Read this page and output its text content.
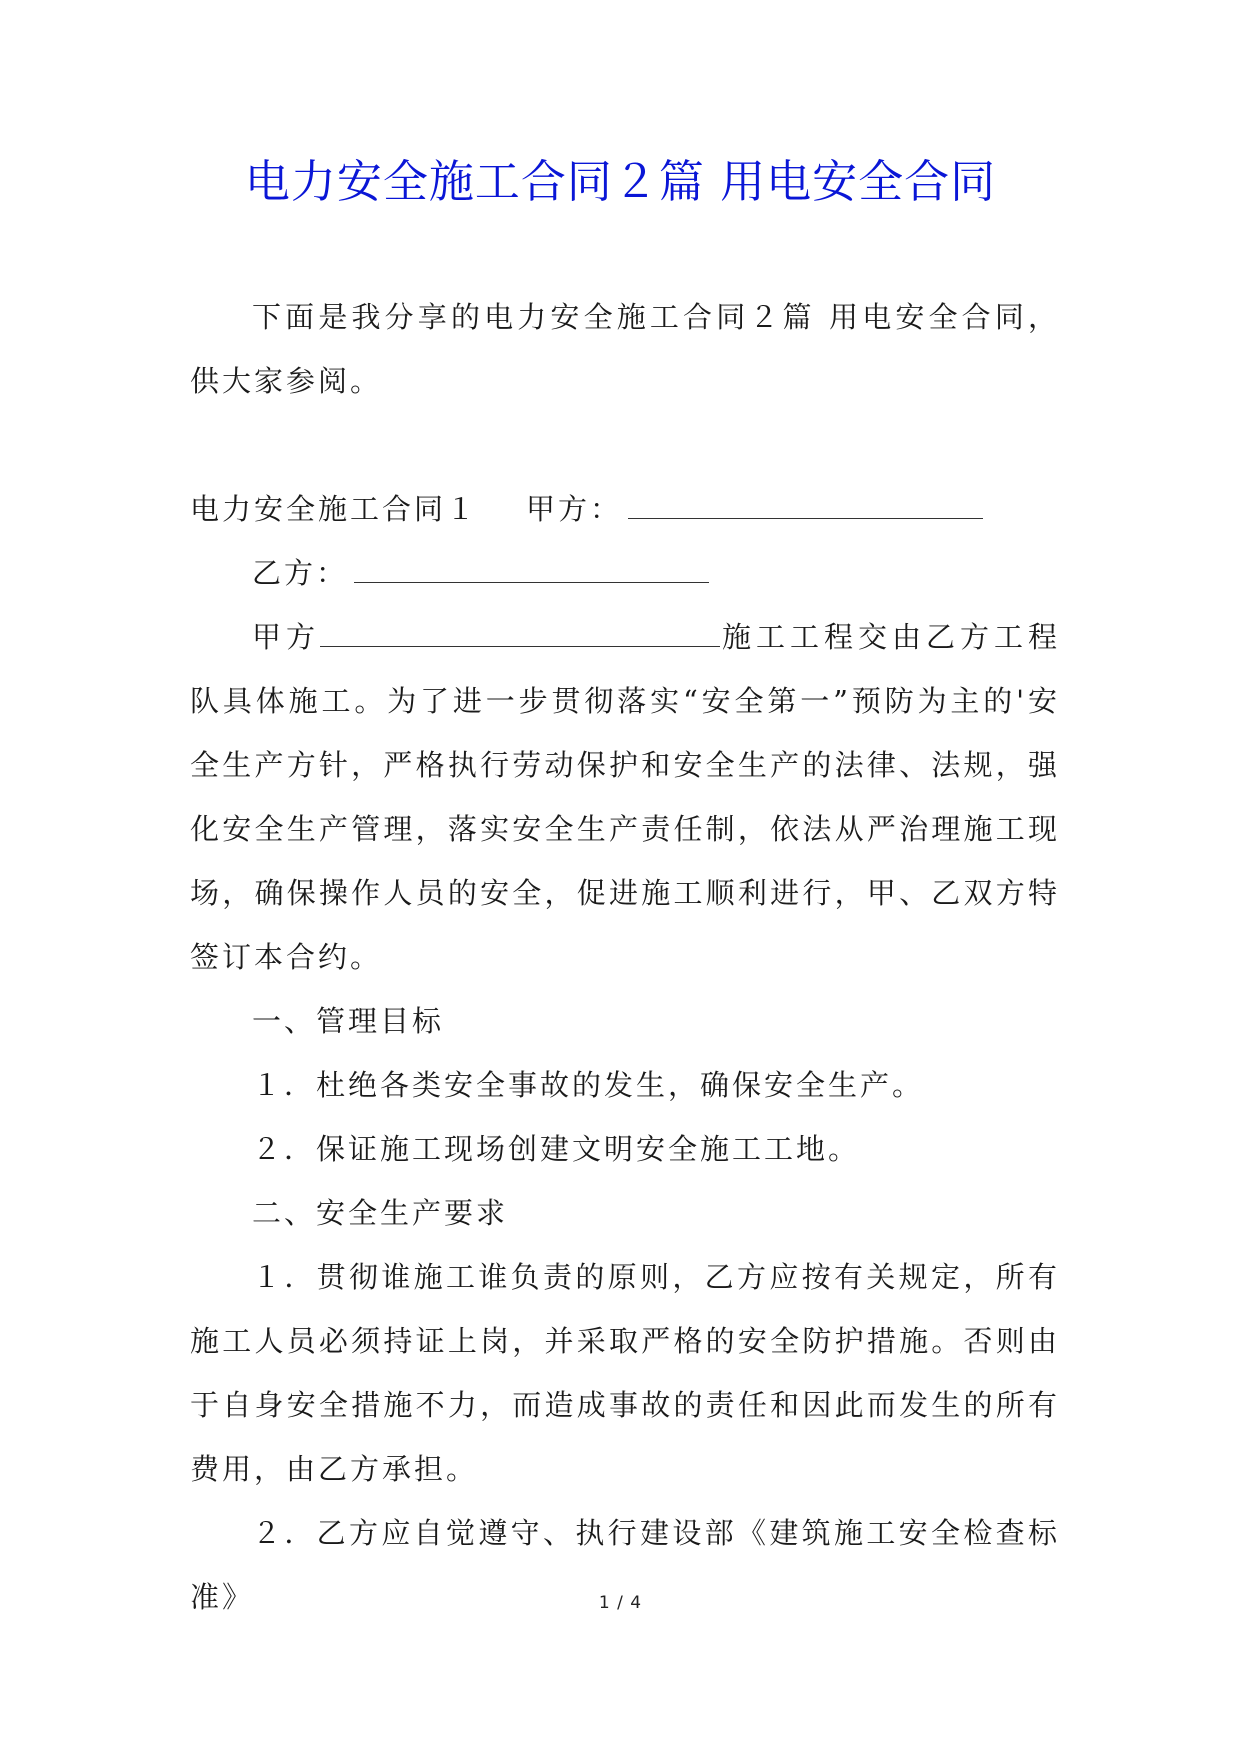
电力安全施工合同２篇 用电安全合同

下面是我分享的电力安全施工合同２篇 用电安全合同，供大家参阅。

电力安全施工合同１ 甲方：

乙方：

甲方	施工工程交由乙方工程队具体施工。为了进一步贯彻落实“安全第一”预防为主的'安全生产方针，严格执行劳动保护和安全生产的法律、法规，强化安全生产管理，落实安全生产责任制，依法从严治理施工现场，确保操作人员的安全，促进施工顺利进行，甲、乙双方特签订本合约。

一、管理目标

１．杜绝各类安全事故的发生，确保安全生产。

２．保证施工现场创建文明安全施工工地。

二、安全生产要求

１．贯彻谁施工谁负责的原则，乙方应按有关规定，所有施工人员必须持证上岗，并采取严格的安全防护措施。否则由于自身安全措施不力，而造成事故的责任和因此而发生的所有费用，由乙方承担。

２．乙方应自觉遵守、执行建设部《建筑施工安全检查标准》	1 / 4
